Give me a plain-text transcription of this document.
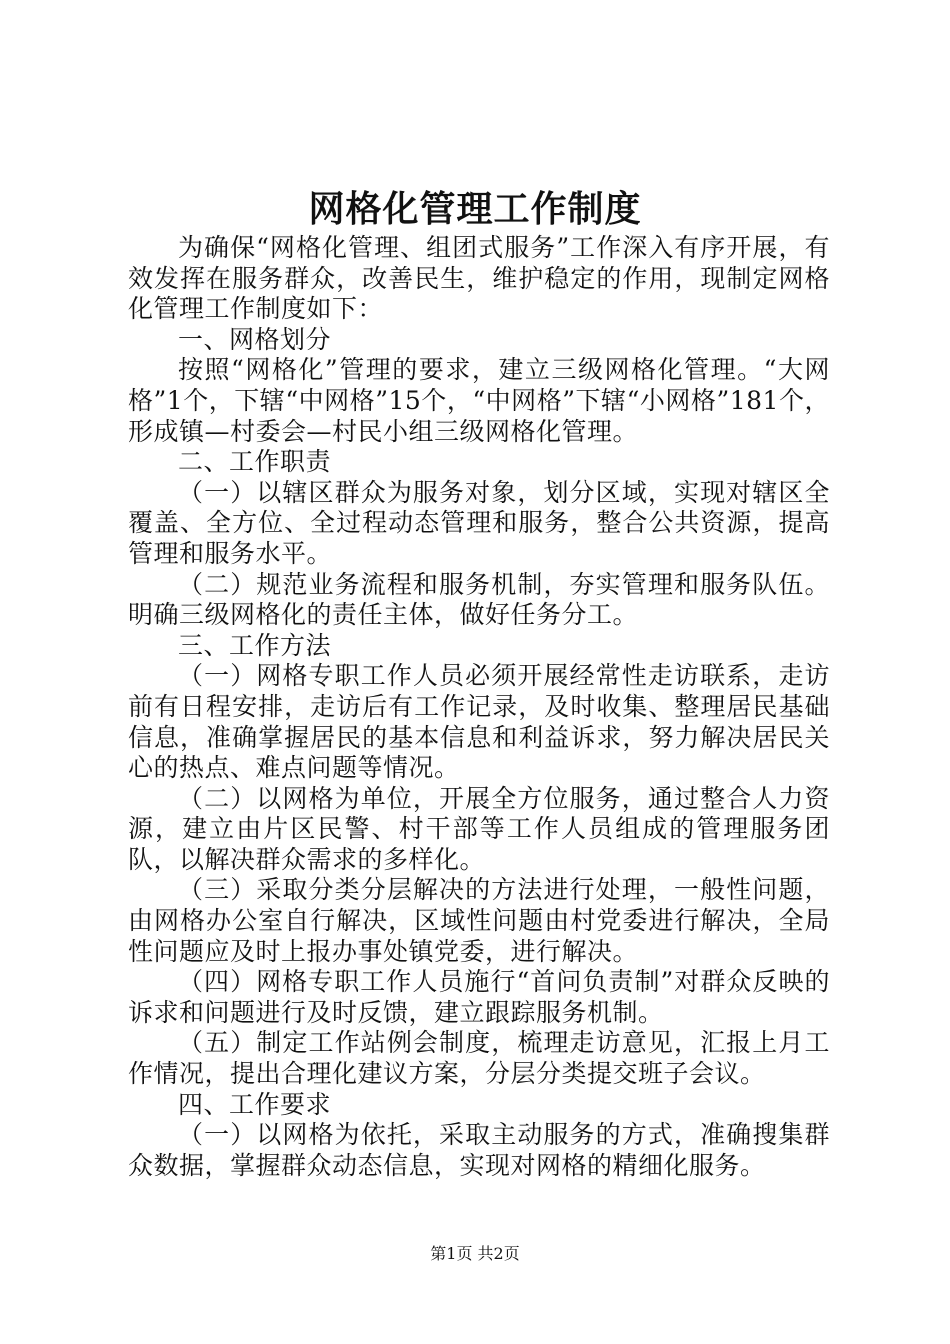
网格化管理工作制度

为确保“网格化管理、组团式服务”工作深入有序开展，有效发挥在服务群众，改善民生，维护稳定的作用，现制定网格化管理工作制度如下：

一、网格划分

按照“网格化”管理的要求，建立三级网格化管理。“大网格”1个，下辖“中网格”15个，“中网格”下辖“小网格”181个，形成镇—村委会—村民小组三级网格化管理。

二、工作职责

（一）以辖区群众为服务对象，划分区域，实现对辖区全覆盖、全方位、全过程动态管理和服务，整合公共资源，提高管理和服务水平。

（二）规范业务流程和服务机制，夯实管理和服务队伍。明确三级网格化的责任主体，做好任务分工。

三、工作方法

（一）网格专职工作人员必须开展经常性走访联系，走访前有日程安排，走访后有工作记录，及时收集、整理居民基础信息，准确掌握居民的基本信息和利益诉求，努力解决居民关心的热点、难点问题等情况。

（二）以网格为单位，开展全方位服务，通过整合人力资源，建立由片区民警、村干部等工作人员组成的管理服务团队，以解决群众需求的多样化。

（三）采取分类分层解决的方法进行处理，一般性问题，由网格办公室自行解决，区域性问题由村党委进行解决，全局性问题应及时上报办事处镇党委，进行解决。

（四）网格专职工作人员施行“首问负责制”对群众反映的诉求和问题进行及时反馈，建立跟踪服务机制。

（五）制定工作站例会制度，梳理走访意见，汇报上月工作情况，提出合理化建议方案，分层分类提交班子会议。

四、工作要求

（一）以网格为依托，采取主动服务的方式，准确搜集群众数据，掌握群众动态信息，实现对网格的精细化服务。

第1页 共2页
